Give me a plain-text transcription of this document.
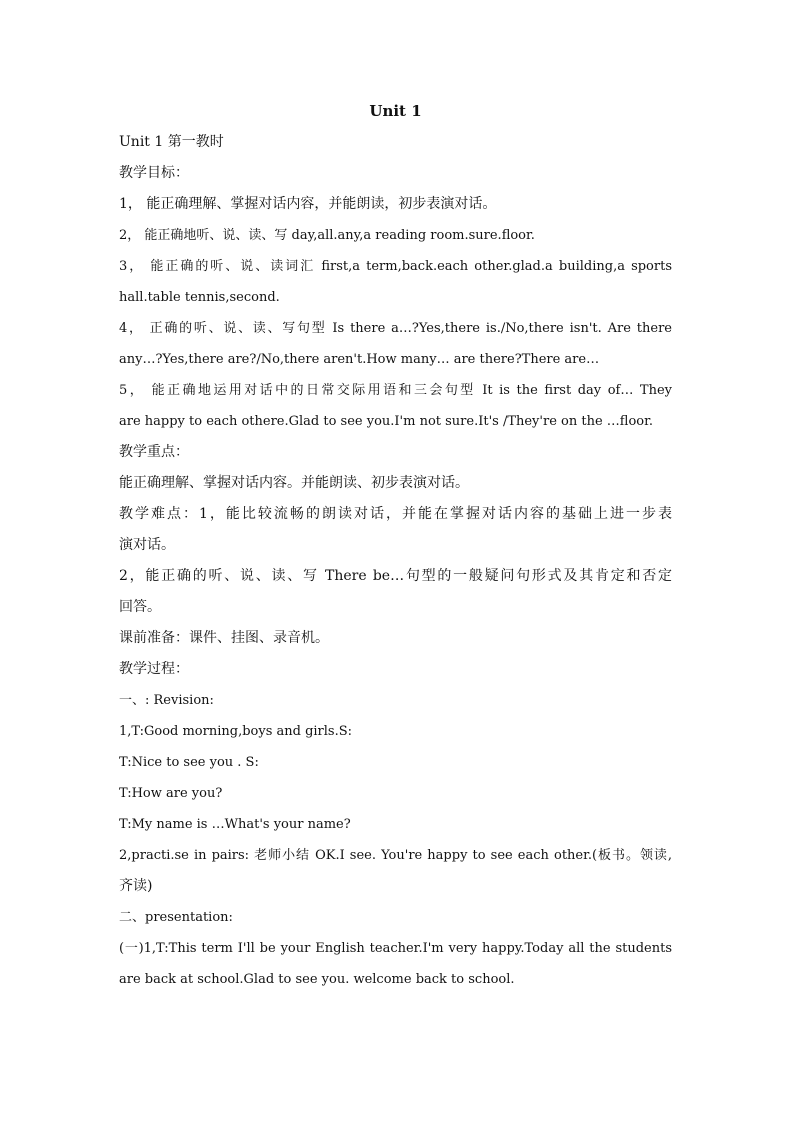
Unit 1

Unit 1 第一教时

教学目标：

1， 能正确理解、掌握对话内容，并能朗读，初步表演对话。

2， 能正确地听、说、读、写 day,all.any,a reading room.sure.floor.

3， 能正确的听、说、读词汇 first,a term,back.each other.glad.a building,a sports

hall.table tennis,second.

4， 正确的听、说、读、写句型 Is there a…?Yes,there is./No,there isn't. Are there

any…?Yes,there are?/No,there aren't.How many… are there?There are…

5， 能正确地运用对话中的日常交际用语和三会句型 It is the first day of… They

are happy to each othere.Glad to see you.I'm not sure.It's /They're on the …floor.

教学重点：

能正确理解、掌握对话内容。并能朗读、初步表演对话。

教学难点：1，能比较流畅的朗读对话，并能在掌握对话内容的基础上进一步表

演对话。

2，能正确的听、说、读、写 There be…句型的一般疑问句形式及其肯定和否定

回答。

课前准备：课件、挂图、录音机。

教学过程：

一、: Revision:

1,T:Good morning,boys and girls.S:

T:Nice to see you . S:

T:How are you?

T:My name is …What's your name?

2,practi.se in pairs: 老师小结 OK.I see. You're happy to see each other.(板书。领读,

齐读)

二、presentation:

(一)1,T:This term I'll be your English teacher.I'm very happy.Today all the students

are back at school.Glad to see you. welcome back to school.
